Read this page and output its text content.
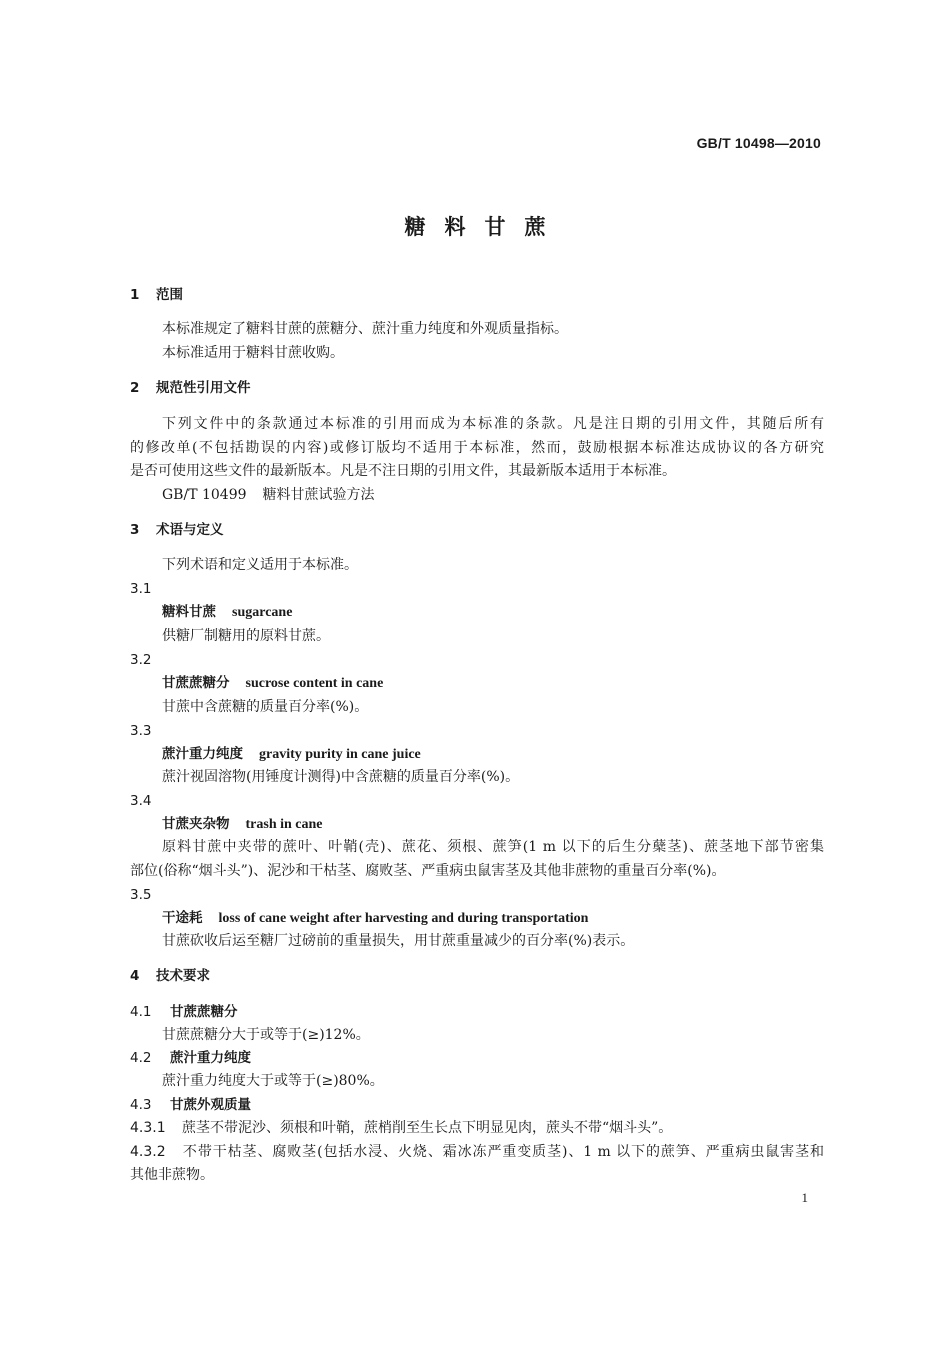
GB/T 10498—2010
糖料甘蔗
1 范围
本标准规定了糖料甘蔗的蔗糖分、蔗汁重力纯度和外观质量指标。
本标准适用于糖料甘蔗收购。
2 规范性引用文件
下列文件中的条款通过本标准的引用而成为本标准的条款。凡是注日期的引用文件，其随后所有
的修改单(不包括勘误的内容)或修订版均不适用于本标准，然而，鼓励根据本标准达成协议的各方研究
是否可使用这些文件的最新版本。凡是不注日期的引用文件，其最新版本适用于本标准。
GB/T 10499 糖料甘蔗试验方法
3 术语与定义
下列术语和定义适用于本标准。
3.1
糖料甘蔗 sugarcane
供糖厂制糖用的原料甘蔗。
3.2
甘蔗蔗糖分 sucrose content in cane
甘蔗中含蔗糖的质量百分率(%)。
3.3
蔗汁重力纯度 gravity purity in cane juice
蔗汁视固溶物(用锤度计测得)中含蔗糖的质量百分率(%)。
3.4
甘蔗夹杂物 trash in cane
原料甘蔗中夹带的蔗叶、叶鞘(壳)、蔗花、须根、蔗笋(1 m 以下的后生分蘖茎)、蔗茎地下部节密集
部位(俗称“烟斗头”)、泥沙和干枯茎、腐败茎、严重病虫鼠害茎及其他非蔗物的重量百分率(%)。
3.5
干途耗 loss of cane weight after harvesting and during transportation
甘蔗砍收后运至糖厂过磅前的重量损失，用甘蔗重量减少的百分率(%)表示。
4 技术要求
4.1 甘蔗蔗糖分
甘蔗蔗糖分大于或等于(≥)12%。
4.2 蔗汁重力纯度
蔗汁重力纯度大于或等于(≥)80%。
4.3 甘蔗外观质量
4.3.1 蔗茎不带泥沙、须根和叶鞘，蔗梢削至生长点下明显见肉，蔗头不带“烟斗头”。
4.3.2 不带干枯茎、腐败茎(包括水浸、火烧、霜冰冻严重变质茎)、1 m 以下的蔗笋、严重病虫鼠害茎和
其他非蔗物。
1
